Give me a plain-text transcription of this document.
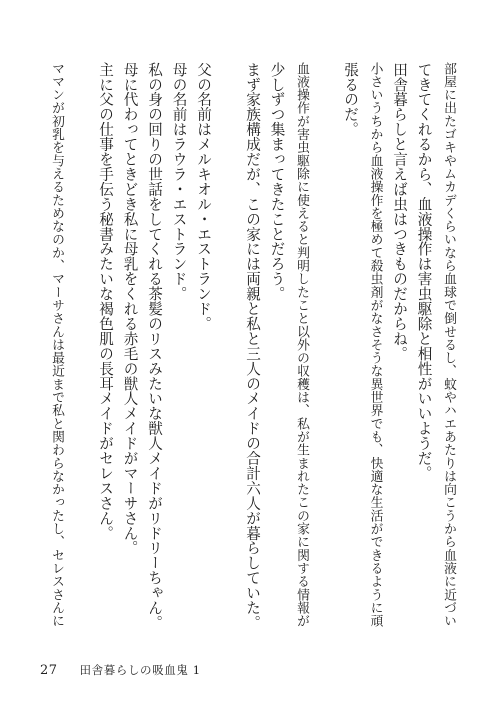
部屋に出たゴキやムカデくらいなら血球で倒せるし、蚊やハエあたりは向こうから血液に近づい
てきてくれるから、血液操作は害虫駆除と相性がいいようだ。
田舎暮らしと言えば虫はつきものだからね。
小さいうちから血液操作を極めて殺虫剤がなさそうな異世界でも、快適な生活ができるように頑
張るのだ。

血液操作が害虫駆除に使えると判明したこと以外の収穫は、私が生まれたこの家に関する情報が
少しずつ集まってきたことだろう。
まず家族構成だが、この家には両親と私と三人のメイドの合計六人が暮らしていた。

父の名前はメルキオル・エストランド。
母の名前はラウラ・エストランド。
私の身の回りの世話をしてくれる茶髪のリスみたいな獣人メイドがリドリーちゃん。
母に代わってときどき私に母乳をくれる赤毛の獣人メイドがマーサさん。
主に父の仕事を手伝う秘書みたいな褐色肌の長耳メイドがセレスさん。

ママンが初乳を与えるためなのか、マーサさんは最近まで私と関わらなかったし、セレスさんに
27 田舎暮らしの吸血鬼 1
